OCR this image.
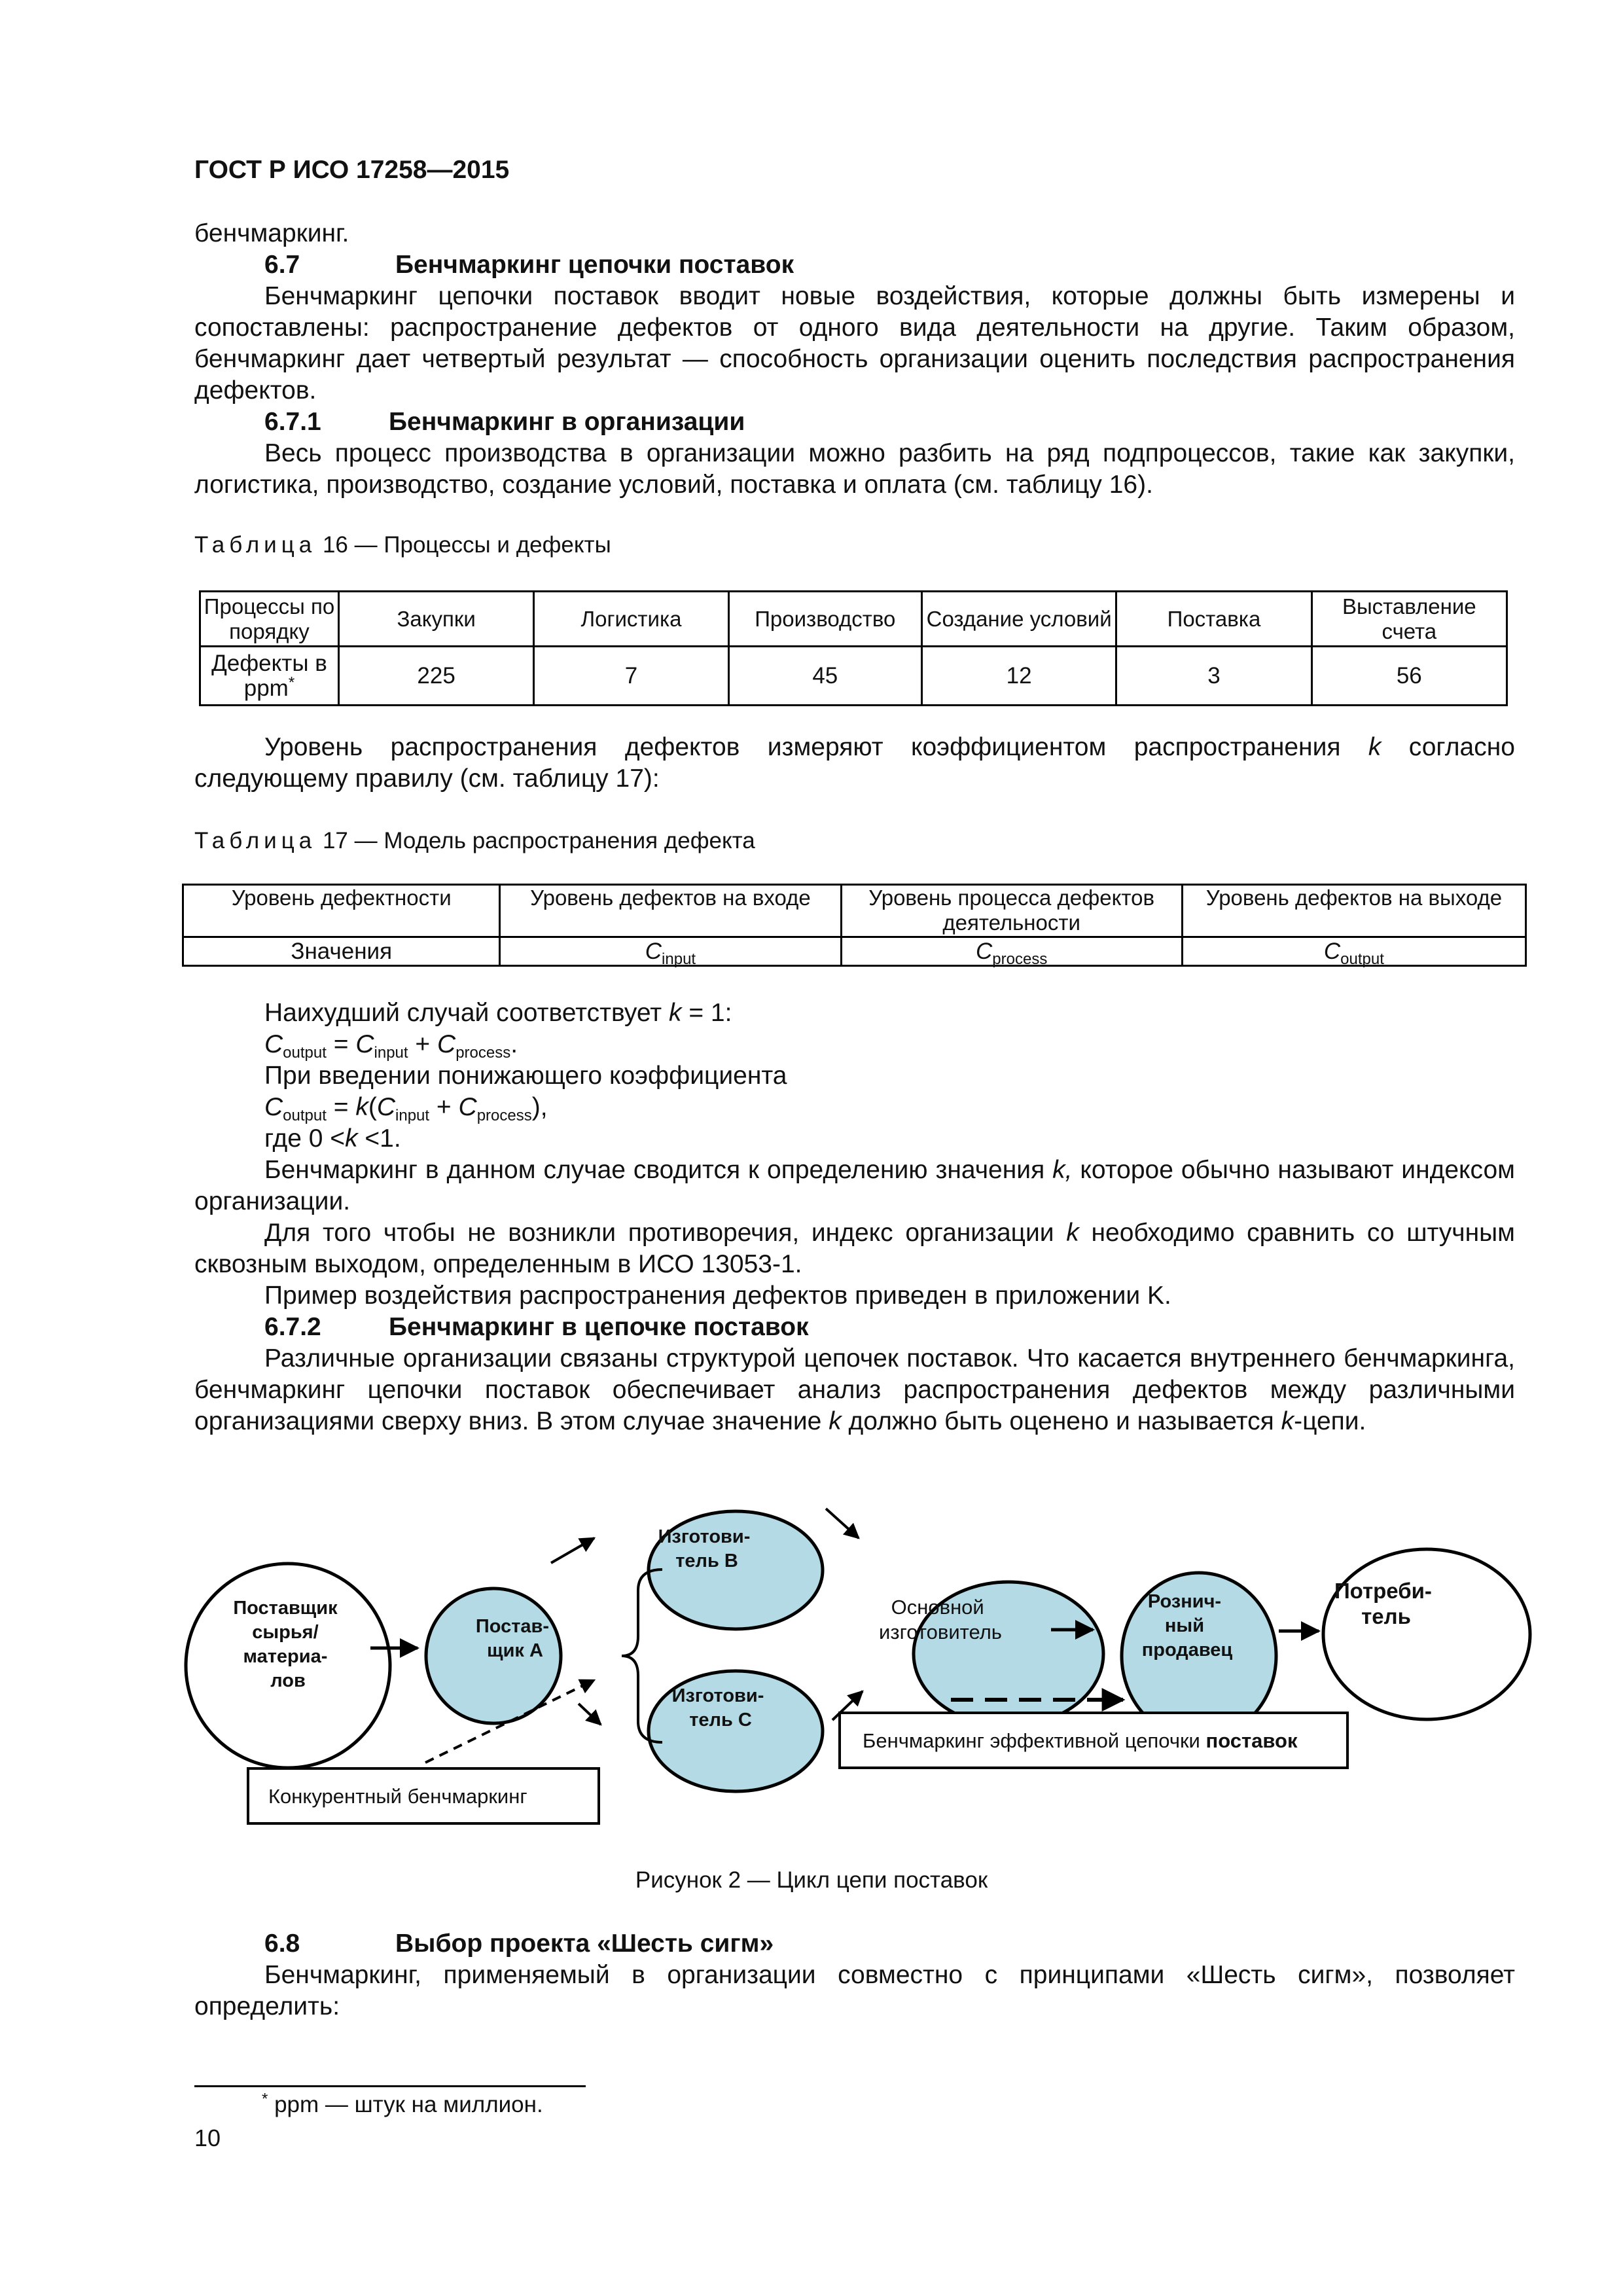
ГОСТ Р ИСО 17258—2015

бенчмаркинг.

6.7	Бенчмаркинг цепочки поставок

Бенчмаркинг цепочки поставок вводит новые воздействия, которые должны быть измерены и сопоставлены: распространение дефектов от одного вида деятельности на другие. Таким образом, бенчмаркинг дает четвертый результат — способность организации оценить последствия распространения дефектов.

6.7.1	Бенчмаркинг в организации

Весь процесс производства в организации можно разбить на ряд подпроцессов, такие как закупки, логистика, производство, создание условий, поставка и оплата (см. таблицу 16).

Таблица 16 — Процессы и дефекты

Процессы по порядку	Закупки	Логистика	Производство	Создание условий	Поставка	Выставление счета
Дефекты в ppm*	225	7	45	12	3	56

Уровень распространения дефектов измеряют коэффициентом распространения k согласно следующему правилу (см. таблицу 17):

Таблица 17 — Модель распространения дефекта

Уровень дефектности	Уровень дефектов на входе	Уровень процесса дефектов деятельности	Уровень дефектов на выходе
Значения	$C_{input}$	$C_{process}$	$C_{output}$

Наихудший случай соответствует k = 1:

$C_{output} = C_{input} + C_{process}$.

При введении понижающего коэффициента

$C_{output} = k(C_{input} + C_{process})$,

где 0 <k <1.

Бенчмаркинг в данном случае сводится к определению значения k, которое обычно называют индексом организации.

Для того чтобы не возникли противоречия, индекс организации k необходимо сравнить со штучным сквозным выходом, определенным в ИСО 13053-1.

Пример воздействия распространения дефектов приведен в приложении K.

6.7.2	Бенчмаркинг в цепочке поставок

Различные организации связаны структурой цепочек поставок. Что касается внутреннего бенчмаркинга, бенчмаркинг цепочки поставок обеспечивает анализ распространения дефектов между различными организациями сверху вниз. В этом случае значение k должно быть оценено и называется k-цепи.

Поставщик сырья/ материа- лов
Постав- щик А
Изготови- тель В
Изготови- тель С
Основной изготовитель
Рознич- ный продавец
Потреби- тель
Конкурентный бенчмаркинг
Бенчмаркинг эффективной цепочки поставок
Рисунок 2 — Цикл цепи поставок

6.8	Выбор проекта «Шесть сигм»

Бенчмаркинг, применяемый в организации совместно с принципами «Шесть сигм», позволяет определить:

* ppm — штук на миллион.
10
